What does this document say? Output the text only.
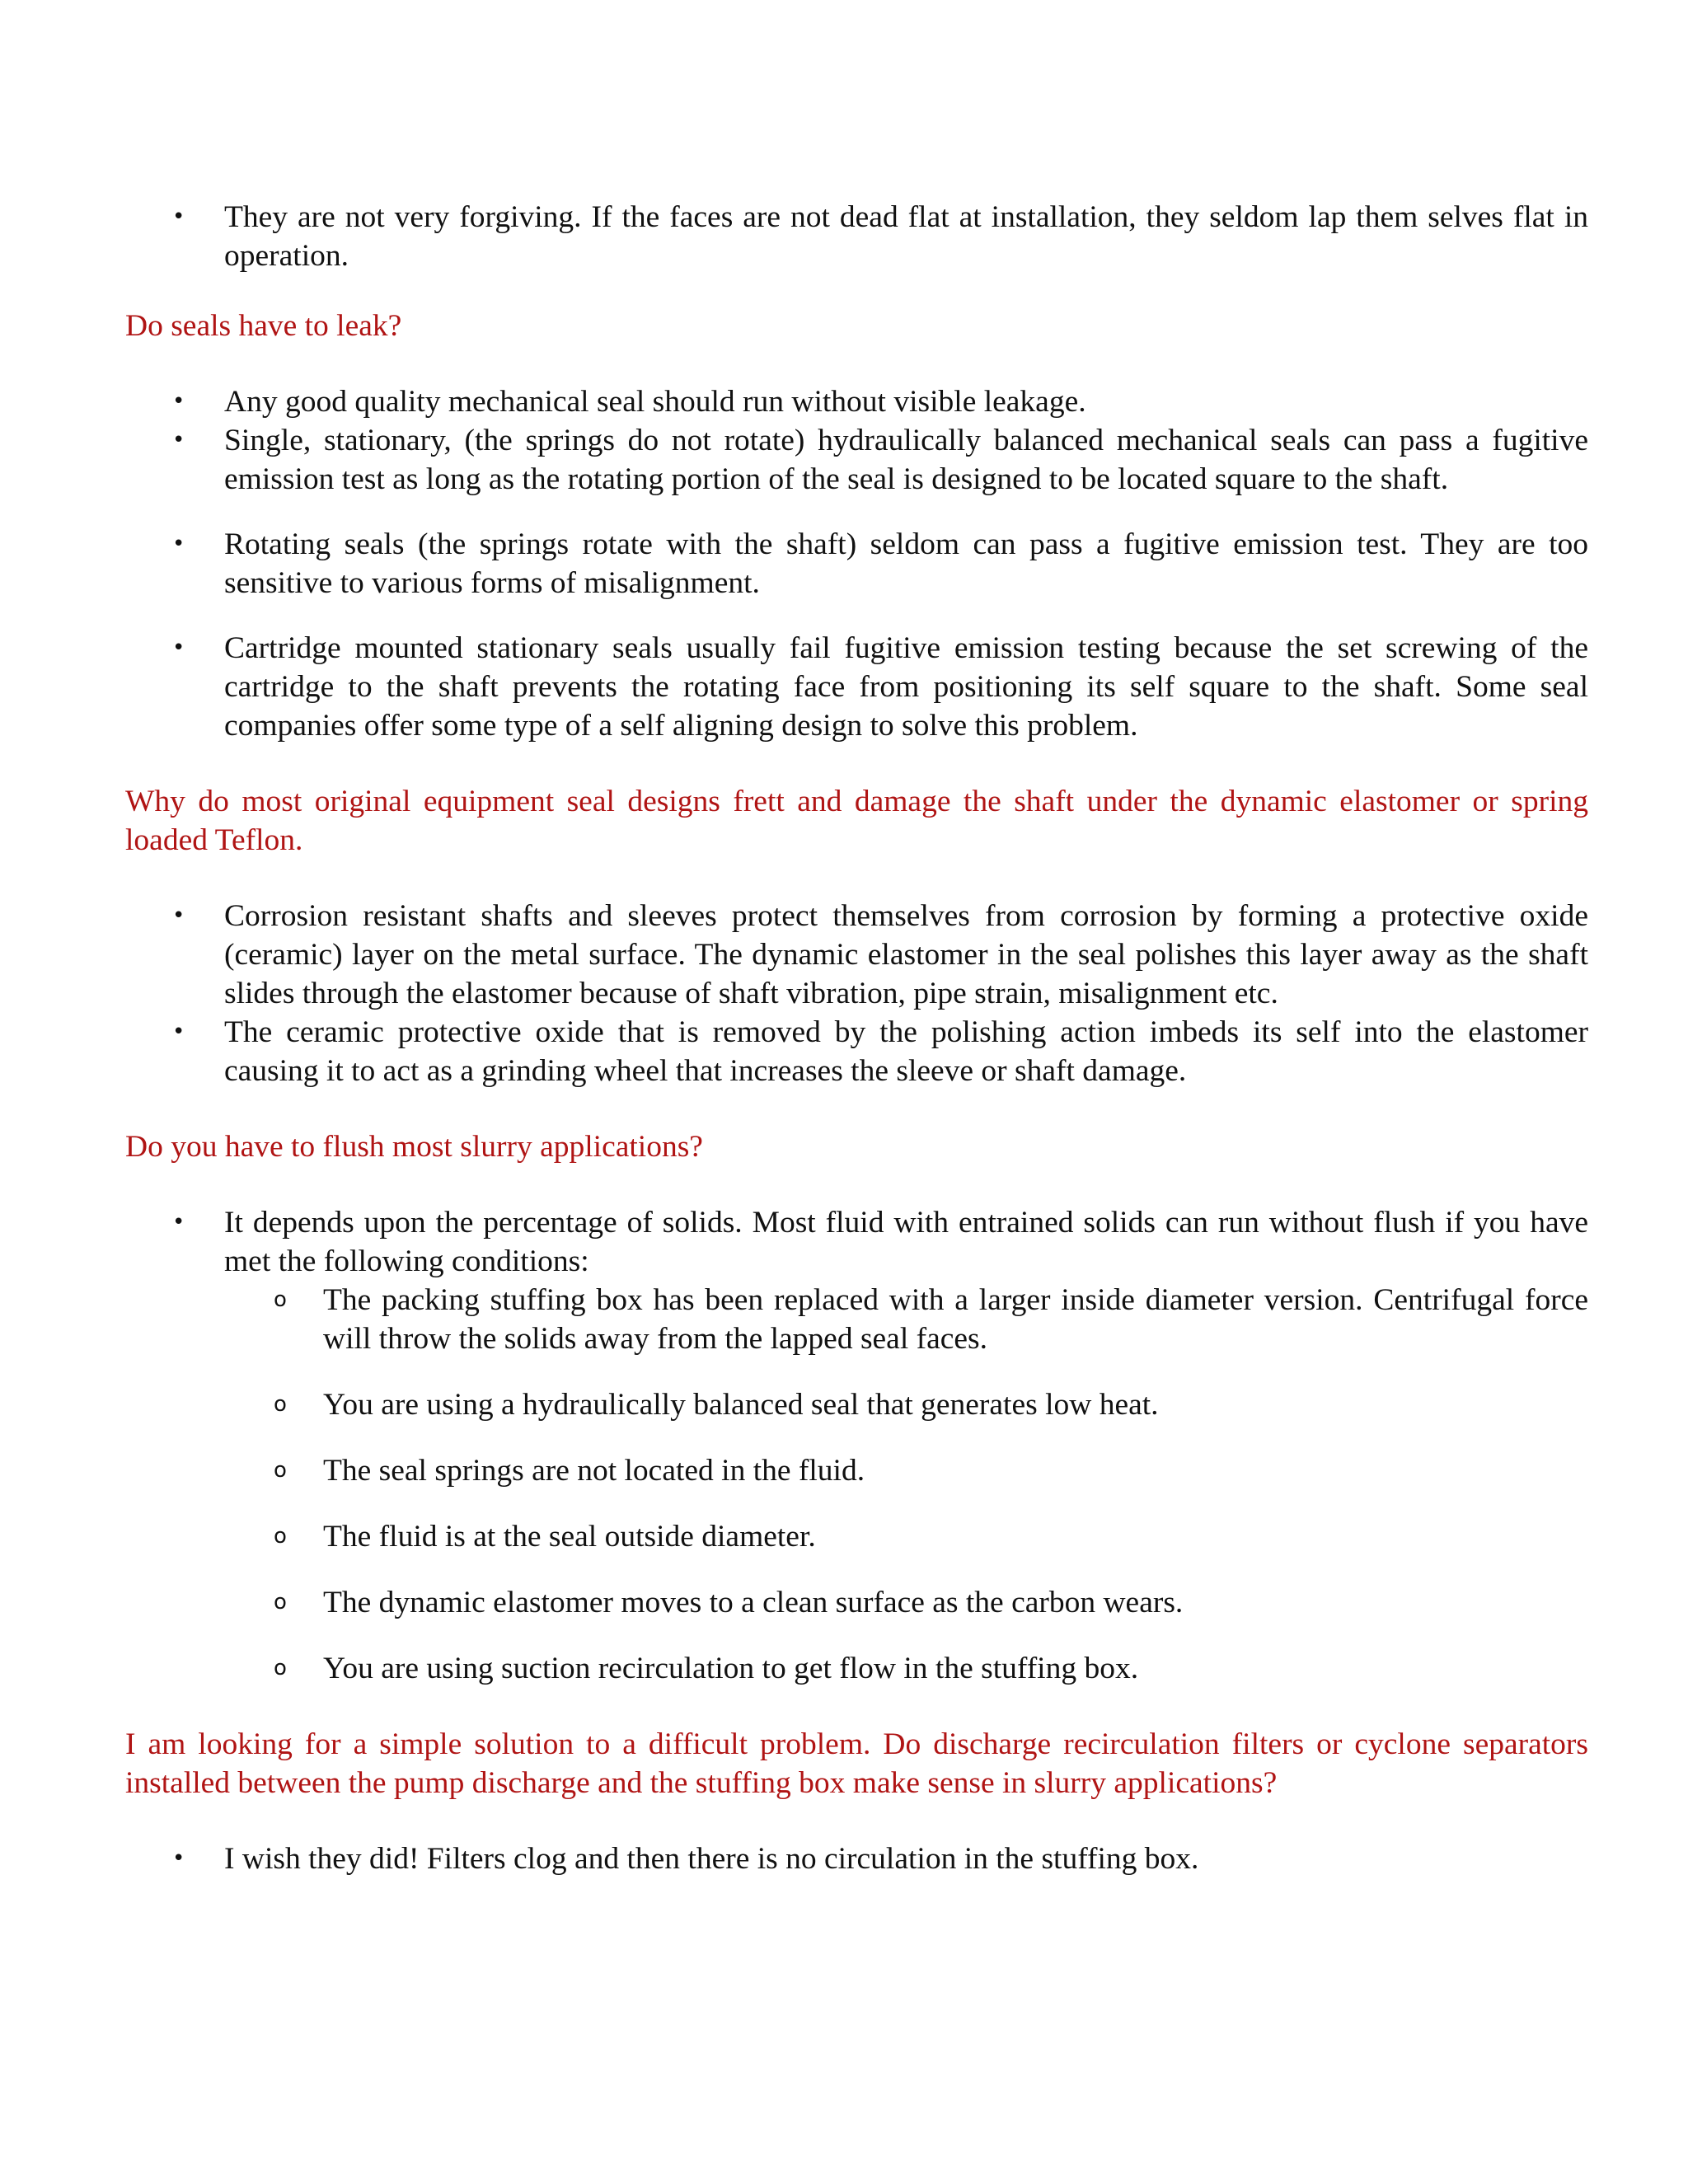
• They are not very forgiving. If the faces are not dead flat at installation, they seldom lap them selves flat in operation.

Do seals have to leak?

• Any good quality mechanical seal should run without visible leakage.
• Single, stationary, (the springs do not rotate) hydraulically balanced mechanical seals can pass a fugitive emission test as long as the rotating portion of the seal is designed to be located square to the shaft.
• Rotating seals (the springs rotate with the shaft) seldom can pass a fugitive emission test. They are too sensitive to various forms of misalignment.
• Cartridge mounted stationary seals usually fail fugitive emission testing because the set screwing of the cartridge to the shaft prevents the rotating face from positioning its self square to the shaft. Some seal companies offer some type of a self aligning design to solve this problem.

Why do most original equipment seal designs frett and damage the shaft under the dynamic elastomer or spring loaded Teflon.

• Corrosion resistant shafts and sleeves protect themselves from corrosion by forming a protective oxide (ceramic) layer on the metal surface. The dynamic elastomer in the seal polishes this layer away as the shaft slides through the elastomer because of shaft vibration, pipe strain, misalignment etc.
• The ceramic protective oxide that is removed by the polishing action imbeds its self into the elastomer causing it to act as a grinding wheel that increases the sleeve or shaft damage.

Do you have to flush most slurry applications?

• It depends upon the percentage of solids. Most fluid with entrained solids can run without flush if you have met the following conditions:
o The packing stuffing box has been replaced with a larger inside diameter version. Centrifugal force will throw the solids away from the lapped seal faces.
o You are using a hydraulically balanced seal that generates low heat.
o The seal springs are not located in the fluid.
o The fluid is at the seal outside diameter.
o The dynamic elastomer moves to a clean surface as the carbon wears.
o You are using suction recirculation to get flow in the stuffing box.

I am looking for a simple solution to a difficult problem. Do discharge recirculation filters or cyclone separators installed between the pump discharge and the stuffing box make sense in slurry applications?

• I wish they did! Filters clog and then there is no circulation in the stuffing box.
